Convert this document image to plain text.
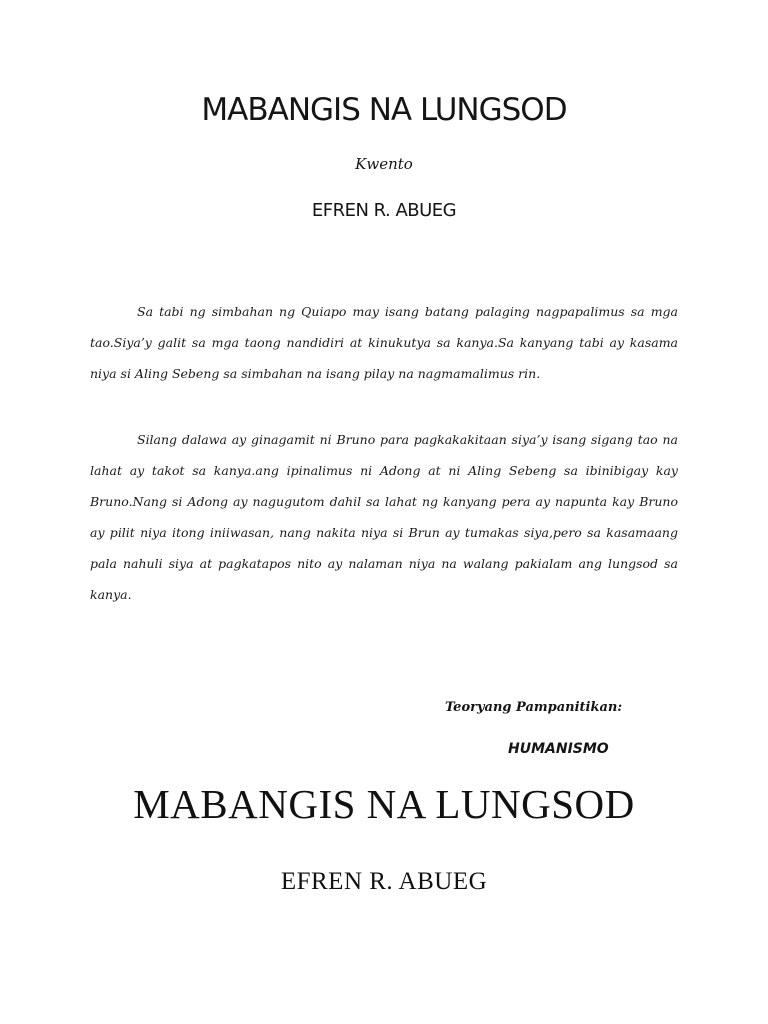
MABANGIS NA LUNGSOD
Kwento
EFREN R. ABUEG

Sa tabi ng simbahan ng Quiapo may isang batang palaging nagpapalimus sa mga tao.Siya’y galit sa mga taong nandidiri at kinukutya sa kanya.Sa kanyang tabi ay kasama niya si Aling Sebeng sa simbahan na isang pilay na nagmamalimus rin.

Silang dalawa ay ginagamit ni Bruno para pagkakakitaan siya’y isang sigang tao na lahat ay takot sa kanya.ang ipinalimus ni Adong at ni Aling Sebeng sa ibinibigay kay Bruno.Nang si Adong ay nagugutom dahil sa lahat ng kanyang pera ay napunta kay Bruno ay pilit niya itong iniiwasan, nang nakita niya si Brun ay tumakas siya,pero sa kasamaang pala nahuli siya at pagkatapos nito ay nalaman niya na walang pakialam ang lungsod sa kanya.

Teoryang Pampanitikan:
HUMANISMO
MABANGIS NA LUNGSOD
EFREN R. ABUEG
